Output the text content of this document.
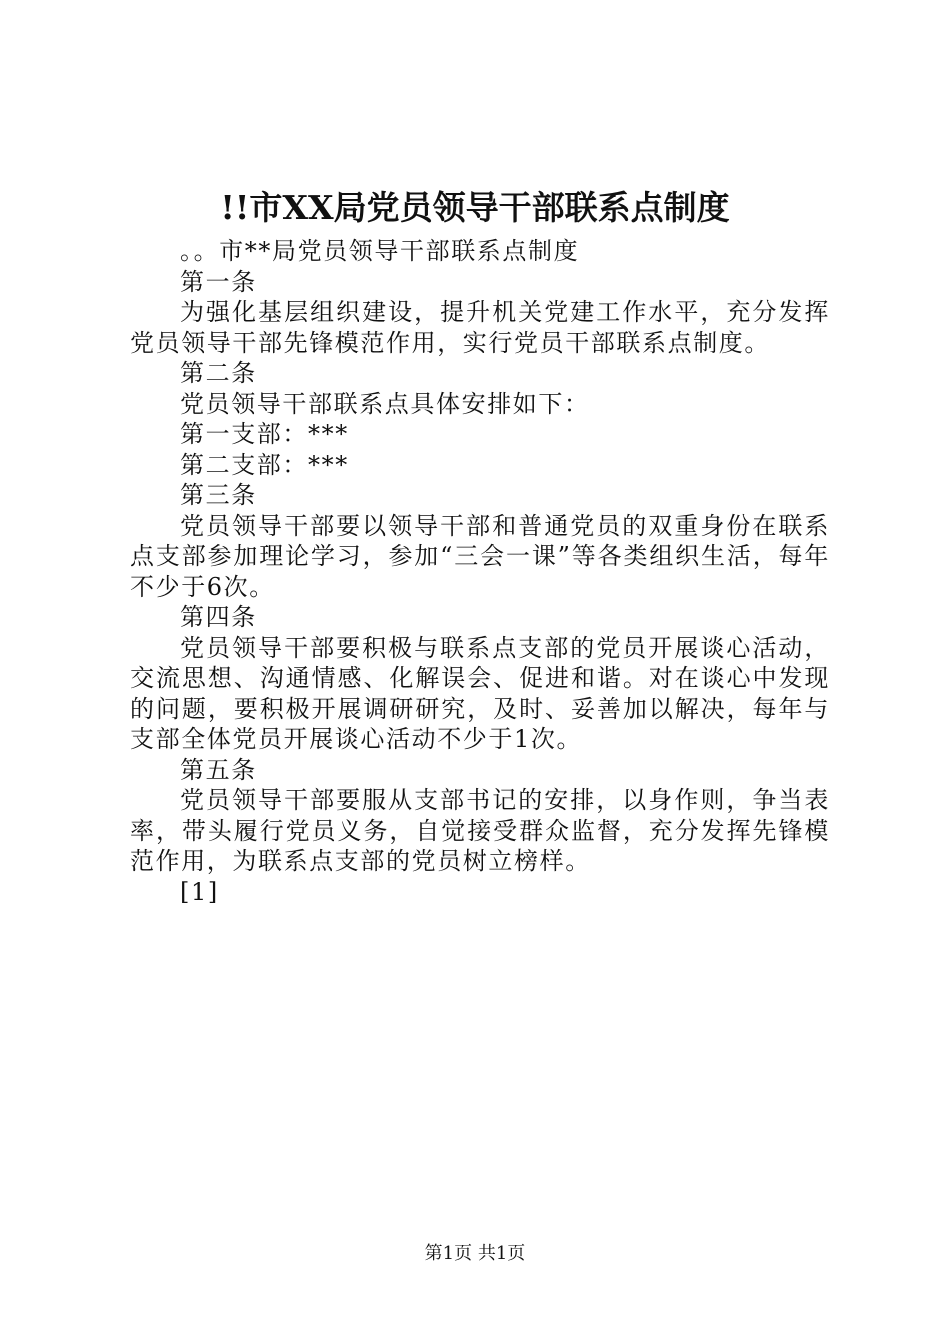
!!市XX局党员领导干部联系点制度

。。市**局党员领导干部联系点制度

第一条

为强化基层组织建设，提升机关党建工作水平，充分发挥党员领导干部先锋模范作用，实行党员干部联系点制度。

第二条

党员领导干部联系点具体安排如下：

第一支部：***

第二支部：***

第三条

党员领导干部要以领导干部和普通党员的双重身份在联系点支部参加理论学习，参加“三会一课”等各类组织生活，每年不少于6次。

第四条

党员领导干部要积极与联系点支部的党员开展谈心活动，交流思想、沟通情感、化解误会、促进和谐。对在谈心中发现的问题，要积极开展调研研究，及时、妥善加以解决，每年与支部全体党员开展谈心活动不少于1次。

第五条

党员领导干部要服从支部书记的安排，以身作则，争当表率，带头履行党员义务，自觉接受群众监督，充分发挥先锋模范作用，为联系点支部的党员树立榜样。

[1]

第1页 共1页
